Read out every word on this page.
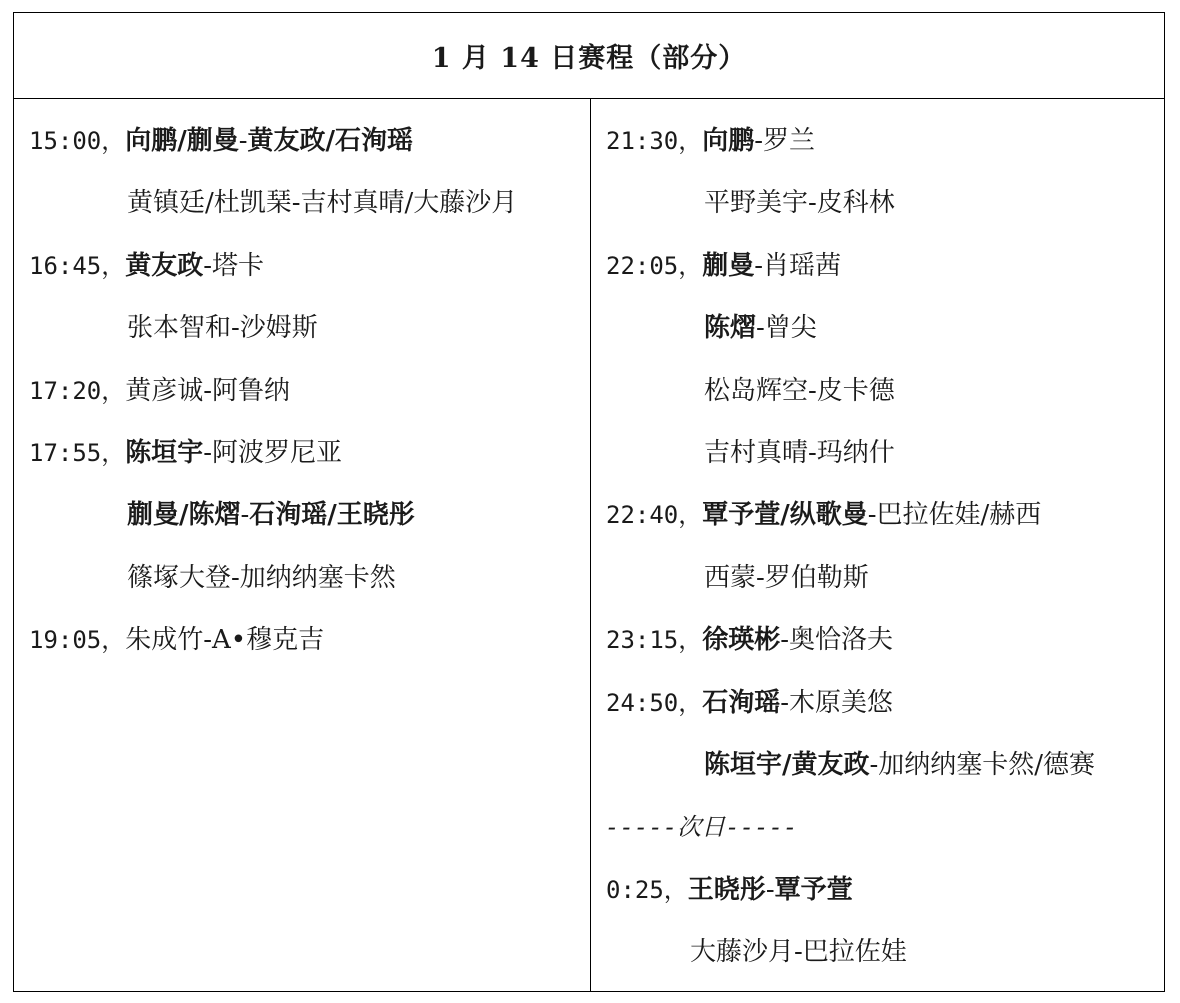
1 月 14 日赛程（部分）
15:00，向鹏/蒯曼-黄友政/石洵瑶
黄镇廷/杜凯琹-吉村真晴/大藤沙月
16:45，黄友政-塔卡
张本智和-沙姆斯
17:20，黄彦诚-阿鲁纳
17:55，陈垣宇-阿波罗尼亚
蒯曼/陈熠-石洵瑶/王晓彤
篠塚大登-加纳纳塞卡然
19:05，朱成竹-A•穆克吉
21:30，向鹏-罗兰
平野美宇-皮科林
22:05，蒯曼-肖瑶茜
陈熠-曾尖
松岛辉空-皮卡德
吉村真晴-玛纳什
22:40，覃予萱/纵歌曼-巴拉佐娃/赫西
西蒙-罗伯勒斯
23:15，徐瑛彬-奥恰洛夫
24:50，石洵瑶-木原美悠
陈垣宇/黄友政-加纳纳塞卡然/德赛
-----次日-----
0:25，王晓彤-覃予萱
大藤沙月-巴拉佐娃
